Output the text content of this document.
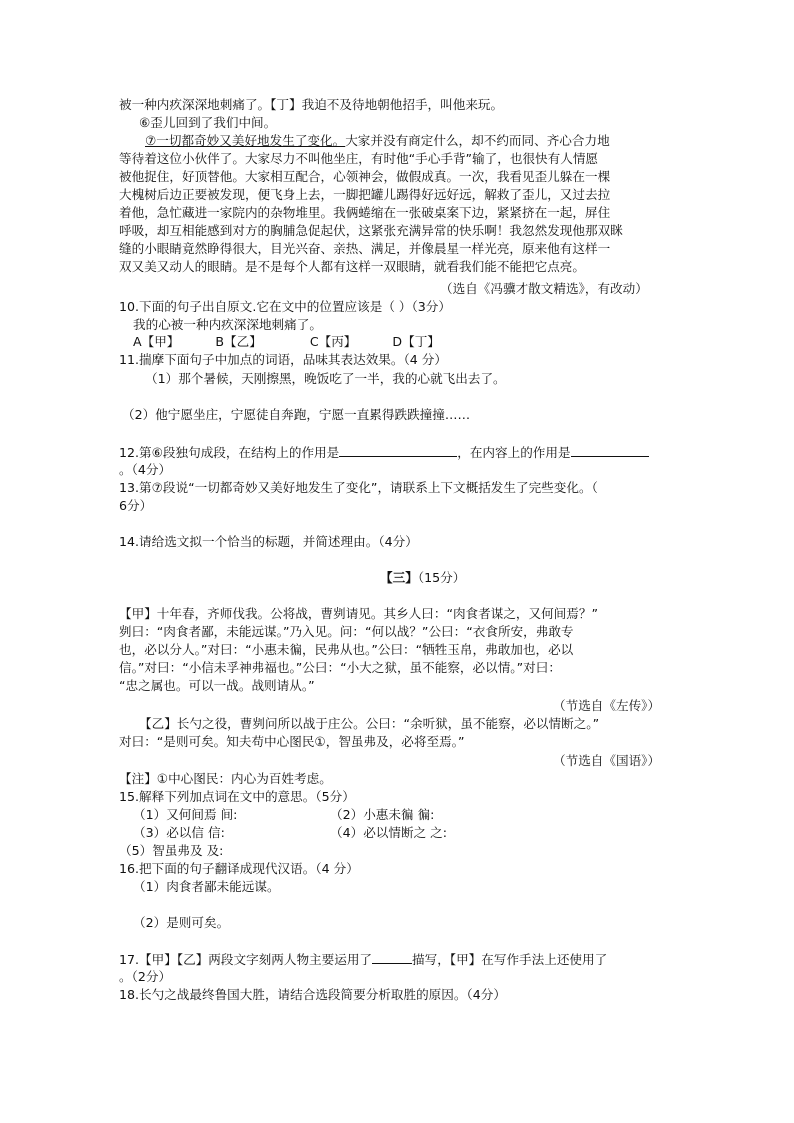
被一种内疚深深地刺痛了。【丁】我迫不及待地朝他招手，叫他来玩。
⑥歪儿回到了我们中间。
⑦一切都奇妙又美好地发生了变化。大家并没有商定什么，却不约而同、齐心合力地
等待着这位小伙伴了。大家尽力不叫他坐庄，有时他“手心手背”输了，也很快有人情愿
被他捉住，好顶替他。大家相互配合，心领神会，做假成真。一次，我看见歪儿躲在一棵
大槐树后边正要被发现，便飞身上去，一脚把罐儿踢得好远好远，解救了歪儿，又过去拉
着他，急忙藏进一家院内的杂物堆里。我俩蜷缩在一张破桌案下边，紧紧挤在一起，屏住
呼吸，却互相能感到对方的胸脯急促起伏，这紧张充满异常的快乐啊！我忽然发现他那双眯
缝的小眼睛竟然睁得很大，目光兴奋、亲热、满足，并像晨星一样光亮，原来他有这样一
双又美又动人的眼睛。是不是每个人都有这样一双眼睛，就看我们能不能把它点亮。
（选自《冯骥才散文精选》，有改动）
10.下面的句子出自原文.它在文中的位置应该是（ ）（3分）
我的心被一种内疚深深地刺痛了。
A【甲】	B【乙】	C【丙】	D【丁】
11.揣摩下面句子中加点的词语，品味其表达效果。（4 分）
（1）那个暑候，天刚擦黑，晚饭吃了一半，我的心就飞出去了。
（2）他宁愿坐庄，宁愿徒自奔跑，宁愿一直累得跌跌撞撞……
12.第⑥段独句成段，在结构上的作用是	，在内容上的作用是
。（4分）
13.第⑦段说“一切都奇妙又美好地发生了变化”，请联系上下文概括发生了完些变化。（
6分）
14.请给选文拟一个恰当的标题，并简述理由。（4分）
【三】（15分）
【甲】十年春，齐师伐我。公将战，曹刿请见。其乡人曰：“肉食者谋之，又何间焉？”
刿曰：“肉食者鄙，未能远谋。”乃入见。问：“何以战？”公曰：“衣食所安，弗敢专
也，必以分人。”对曰：“小惠未徧，民弗从也。”公曰：“牺牲玉帛，弗敢加也，必以
信。”对曰：“小信未孚神弗福也。”公曰：“小大之狱，虽不能察，必以情。”对曰：
“忠之属也。可以一战。战则请从。”
（节选自《左传》）
【乙】长勺之役，曹刿问所以战于庄公。公曰：“余听狱，虽不能察，必以情断之。”
对曰：“是则可矣。知夫苟中心图民①，智虽弗及，必将至焉。”
（节选自《国语》）
【注】①中心图民：内心为百姓考虑。
15.解释下列加点词在文中的意思。（5分）
（1）又何间焉 间:	（2）小惠未徧 徧:
（3）必以信 信:	（4）必以情断之 之:
（5）智虽弗及 及:
16.把下面的句子翻译成现代汉语。（4 分）
（1）肉食者鄙未能远谋。
（2）是则可矣。
17.【甲】【乙】两段文字刻两人物主要运用了	描写，【甲】在写作手法上还使用了
。（2分）
18.长勺之战最终鲁国大胜，请结合选段简要分析取胜的原因。（4分）
